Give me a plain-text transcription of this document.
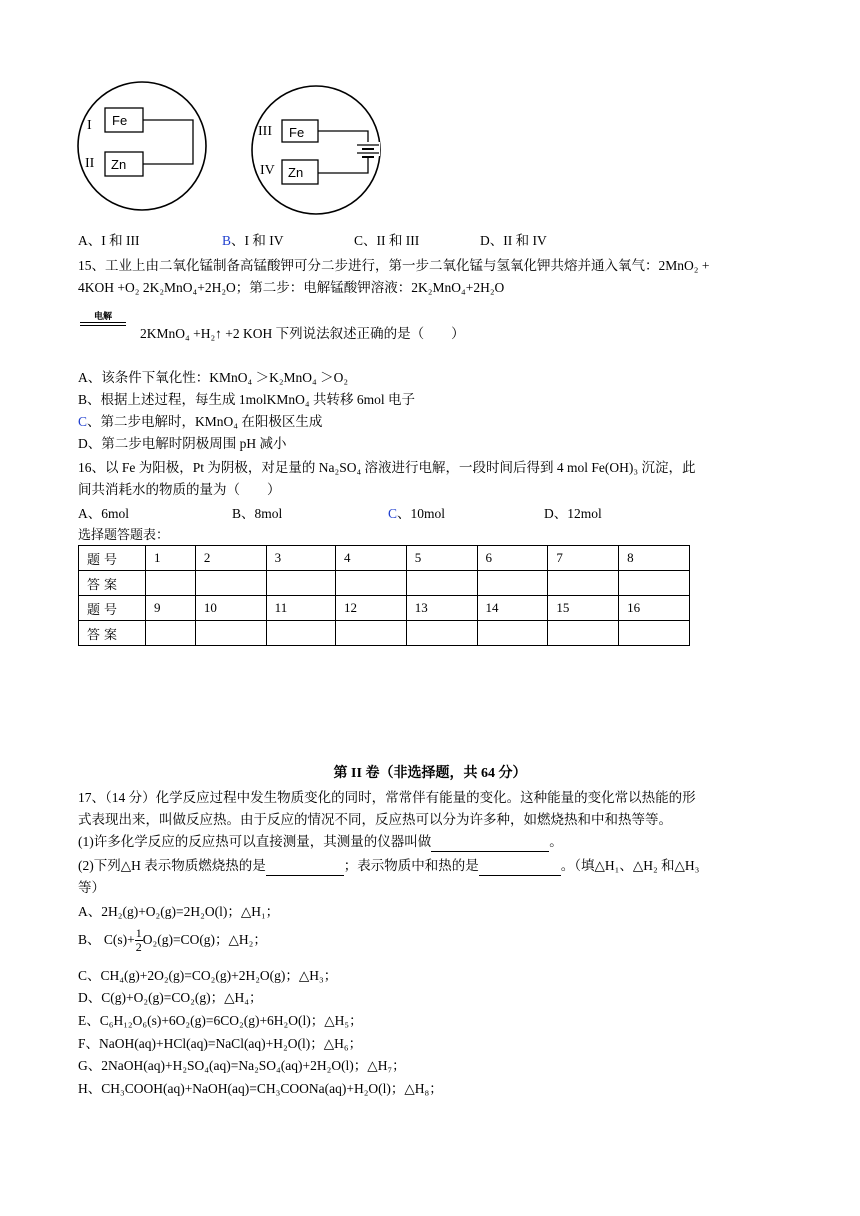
Fe
Zn
I
II
Fe
Zn
III
IV
A、I 和 III	B、I 和 IV	C、II 和 III	D、II 和 IV
15、工业上由二氧化锰制备高锰酸钾可分二步进行，第一步二氧化锰与氢氧化钾共熔并通入氧气：2MnO₂ +
4KOH +O₂ 2K₂MnO₄+2H₂O；第二步：电解锰酸钾溶液：2K₂MnO₄+2H₂O
电解
2KMnO₄ +H₂↑ +2 KOH 下列说法叙述正确的是（　　）
A、该条件下氧化性：KMnO₄ ＞K₂MnO₄ ＞O₂
B、根据上述过程，每生成 1molKMnO₄ 共转移 6mol 电子
C、第二步电解时，KMnO₄ 在阳极区生成
D、第二步电解时阴极周围 pH 减小
16、以 Fe 为阳极，Pt 为阴极，对足量的 Na₂SO₄ 溶液进行电解，一段时间后得到 4 mol Fe(OH)₃ 沉淀，此
间共消耗水的物质的量为（　　）
A、6mol	B、8mol	C、10mol	D、12mol
选择题答题表：
题号	1	2	3	4	5	6	7	8
答案								
题号	9	10	11	12	13	14	15	16
答案								
第 II 卷（非选择题，共 64 分）
17、（14 分）化学反应过程中发生物质变化的同时，常常伴有能量的变化。这种能量的变化常以热能的形
式表现出来，叫做反应热。由于反应的情况不同，反应热可以分为许多种，如燃烧热和中和热等等。
(1)许多化学反应的反应热可以直接测量，其测量的仪器叫做	。
(2)下列△H 表示物质燃烧热的是	；表示物质中和热的是	。（填△H₁、△H₂ 和△H₃
等）
A、2H₂(g)+O₂(g)=2H₂O(l)；△H₁；
B、 $C(s)+ \frac{1}{2} O_2(g)=CO(g)$；△H₂；
C、CH₄(g)+2O₂(g)=CO₂(g)+2H₂O(g)；△H₃；
D、C(g)+O₂(g)=CO₂(g)；△H₄；
E、C₆H₁₂O₆(s)+6O₂(g)=6CO₂(g)+6H₂O(l)；△H₅；
F、NaOH(aq)+HCl(aq)=NaCl(aq)+H₂O(l)；△H₆；
G、2NaOH(aq)+H₂SO₄(aq)=Na₂SO₄(aq)+2H₂O(l)；△H₇；
H、CH₃COOH(aq)+NaOH(aq)=CH₃COONa(aq)+H₂O(l)；△H₈；
